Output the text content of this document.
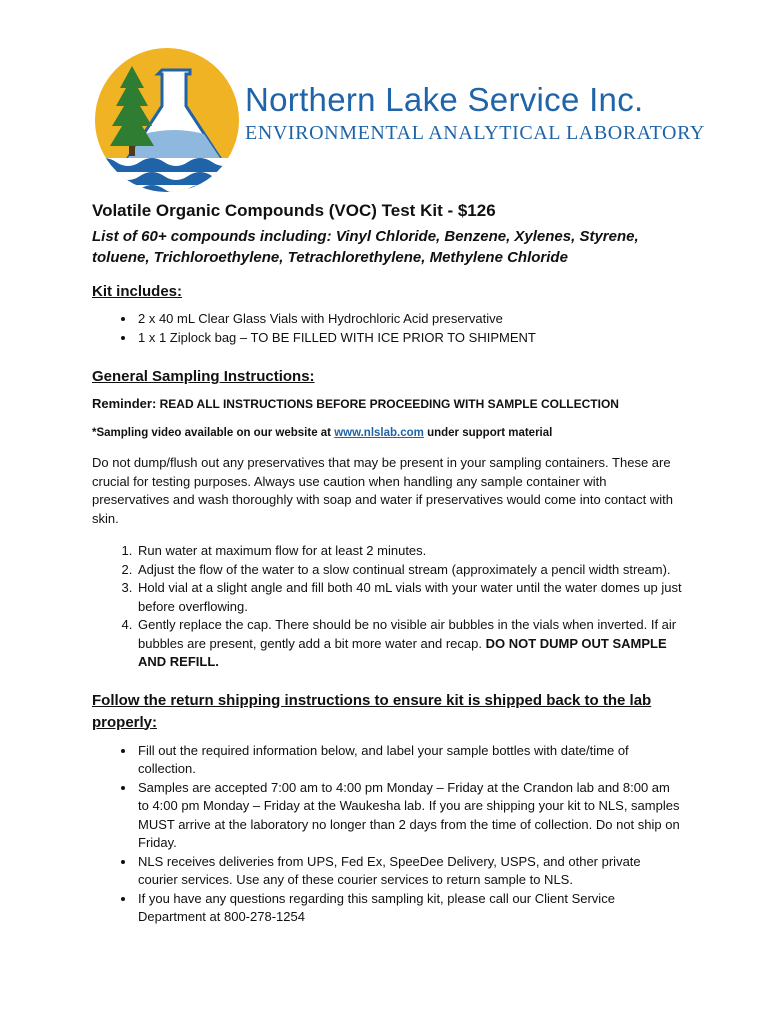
Northern Lake Service Inc.
ENVIRONMENTAL ANALYTICAL LABORATORY

Volatile Organic Compounds (VOC) Test Kit - $126

List of 60+ compounds including: Vinyl Chloride, Benzene, Xylenes, Styrene, toluene, Trichloroethylene, Tetrachlorethylene, Methylene Chloride

Kit includes:
• 2 x 40 mL Clear Glass Vials with Hydrochloric Acid preservative
• 1 x 1 Ziplock bag – TO BE FILLED WITH ICE PRIOR TO SHIPMENT
General Sampling Instructions:

Reminder: READ ALL INSTRUCTIONS BEFORE PROCEEDING WITH SAMPLE COLLECTION

*Sampling video available on our website at www.nlslab.com under support material

Do not dump/flush out any preservatives that may be present in your sampling containers. These are crucial for testing purposes. Always use caution when handling any sample container with preservatives and wash thoroughly with soap and water if preservatives would come into contact with skin.

1. Run water at maximum flow for at least 2 minutes.
2. Adjust the flow of the water to a slow continual stream (approximately a pencil width stream).
3. Hold vial at a slight angle and fill both 40 mL vials with your water until the water domes up just before overflowing.
4. Gently replace the cap. There should be no visible air bubbles in the vials when inverted. If air bubbles are present, gently add a bit more water and recap. DO NOT DUMP OUT SAMPLE AND REFILL.
Follow the return shipping instructions to ensure kit is shipped back to the lab properly:
• Fill out the required information below, and label your sample bottles with date/time of collection.
• Samples are accepted 7:00 am to 4:00 pm Monday – Friday at the Crandon lab and 8:00 am to 4:00 pm Monday – Friday at the Waukesha lab. If you are shipping your kit to NLS, samples MUST arrive at the laboratory no longer than 2 days from the time of collection. Do not ship on Friday.
• NLS receives deliveries from UPS, Fed Ex, SpeeDee Delivery, USPS, and other private courier services. Use any of these courier services to return sample to NLS.
• If you have any questions regarding this sampling kit, please call our Client Service Department at 800-278-1254
